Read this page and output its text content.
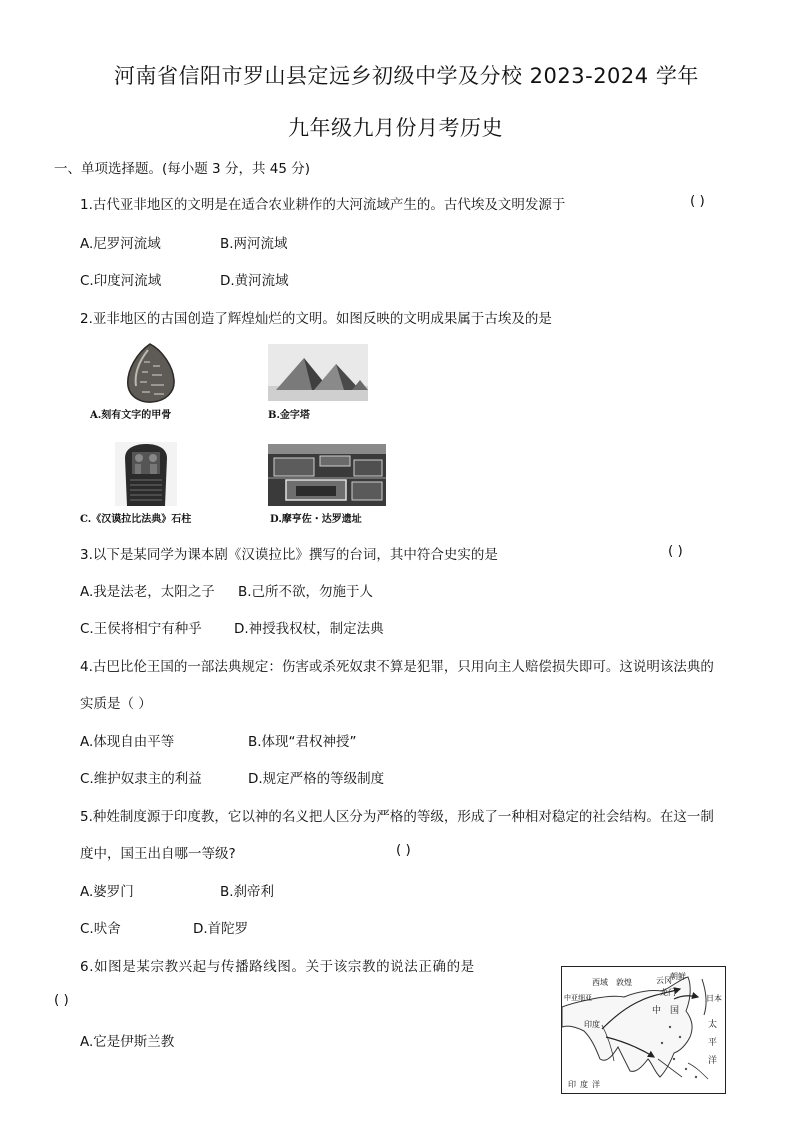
河南省信阳市罗山县定远乡初级中学及分校 2023-2024 学年
九年级九月份月考历史
一、单项选择题。(每小题 3 分，共 45 分)
1.古代亚非地区的文明是在适合农业耕作的大河流域产生的。古代埃及文明发源于	( )
A.尼罗河流域	B.两河流域
C.印度河流域	D.黄河流域
2.亚非地区的古国创造了辉煌灿烂的文明。如图反映的文明成果属于古埃及的是
A.刻有文字的甲骨	B.金字塔
C.《汉谟拉比法典》石柱	D.摩亨佐・达罗遗址
3.以下是某同学为课本剧《汉谟拉比》撰写的台词，其中符合史实的是	( )
A.我是法老，太阳之子 B.己所不欲，勿施于人
C.王侯将相宁有种乎 D.神授我权杖，制定法典
4.古巴比伦王国的一部法典规定：伤害或杀死奴隶不算是犯罪，只用向主人赔偿损失即可。这说明该法典的
实质是（ ）
A.体现自由平等	B.体现“君权神授”
C.维护奴隶主的利益	D.规定严格的等级制度
5.种姓制度源于印度教，它以神的名义把人区分为严格的等级，形成了一种相对稳定的社会结构。在这一制
度中，国王出自哪一等级?	( )
A.婆罗门	B.刹帝利
C.吠舍	D.首陀罗
6.如图是某宗教兴起与传播路线图。关于该宗教的说法正确的是
( )
A.它是伊斯兰教
朝鲜
西域 敦煌	云冈
日本
中亚细亚
龙门
中 国
太
平
洋
印度
印度洋
